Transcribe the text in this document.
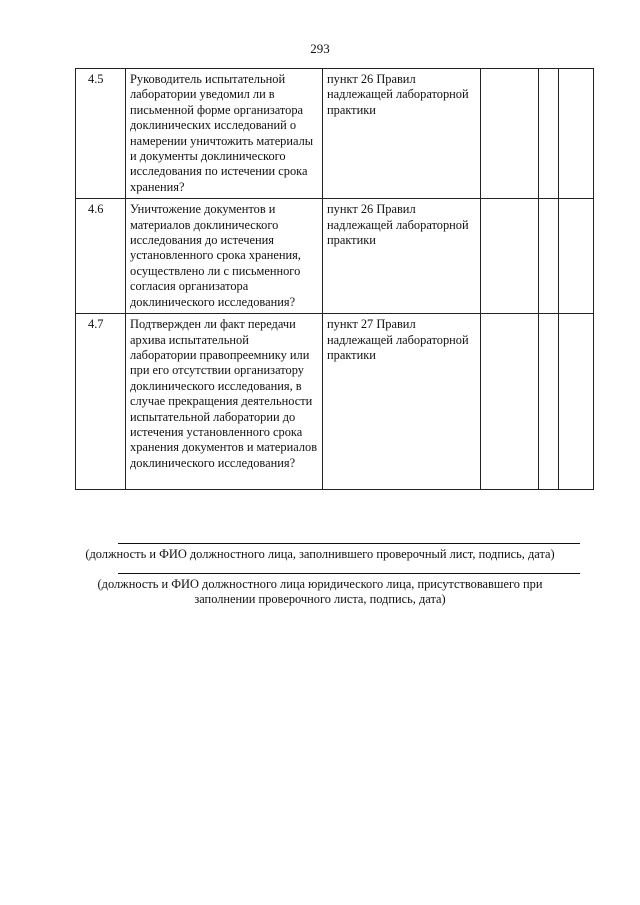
293
4.5	Руководитель испытательной лаборатории уведомил ли в письменной форме организатора доклинических исследований о намерении уничтожить материалы и документы доклинического исследования по истечении срока хранения?	пункт 26 Правил надлежащей лабораторной практики			
4.6	Уничтожение документов и материалов доклинического исследования до истечения установленного срока хранения, осуществлено ли с письменного согласия организатора доклинического исследования?	пункт 26 Правил надлежащей лабораторной практики			
4.7	Подтвержден ли факт передачи архива испытательной лаборатории правопреемнику или при его отсутствии организатору доклинического исследования, в случае прекращения деятельности испытательной лаборатории до истечения установленного срока хранения документов и материалов доклинического исследования?	пункт 27 Правил надлежащей лабораторной практики			
(должность и ФИО должностного лица, заполнившего проверочный лист, подпись, дата)
(должность и ФИО должностного лица юридического лица, присутствовавшего при
заполнении проверочного листа, подпись, дата)
